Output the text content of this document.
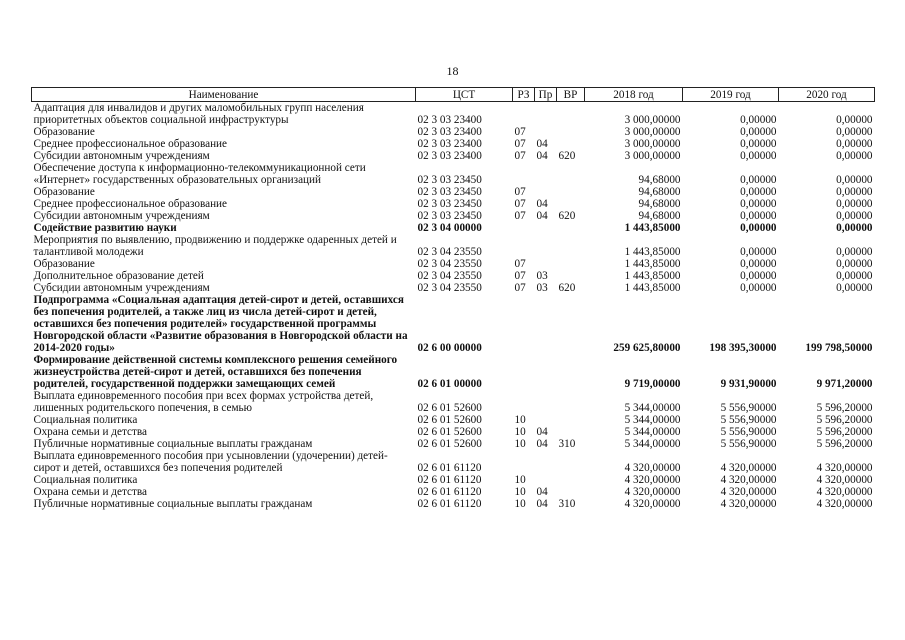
18
Наименование	ЦСТ	РЗ	Пр	ВР	2018 год	2019 год	2020 год
Адаптация для инвалидов и других маломобильных групп населения приоритетных объектов социальной инфраструктуры	02 3 03 23400				3 000,00000	0,00000	0,00000
Образование	02 3 03 23400	07			3 000,00000	0,00000	0,00000
Среднее профессиональное образование	02 3 03 23400	07	04		3 000,00000	0,00000	0,00000
Субсидии автономным учреждениям	02 3 03 23400	07	04	620	3 000,00000	0,00000	0,00000
Обеспечение доступа к информационно-телекоммуникационной сети «Интернет» государственных образовательных организаций	02 3 03 23450				94,68000	0,00000	0,00000
Образование	02 3 03 23450	07			94,68000	0,00000	0,00000
Среднее профессиональное образование	02 3 03 23450	07	04		94,68000	0,00000	0,00000
Субсидии автономным учреждениям	02 3 03 23450	07	04	620	94,68000	0,00000	0,00000
Содействие развитию науки	02 3 04 00000				1 443,85000	0,00000	0,00000
Мероприятия по выявлению, продвижению и поддержке одаренных детей и талантливой молодежи	02 3 04 23550				1 443,85000	0,00000	0,00000
Образование	02 3 04 23550	07			1 443,85000	0,00000	0,00000
Дополнительное образование детей	02 3 04 23550	07	03		1 443,85000	0,00000	0,00000
Субсидии автономным учреждениям	02 3 04 23550	07	03	620	1 443,85000	0,00000	0,00000
Подпрограмма «Социальная адаптация детей-сирот и детей, оставшихся без попечения родителей, а также лиц из числа детей-сирот и детей, оставшихся без попечения родителей» государственной программы Новгородской области «Развитие образования в Новгородской области на 2014-2020 годы»	02 6 00 00000				259 625,80000	198 395,30000	199 798,50000
Формирование действенной системы комплексного решения семейного жизнеустройства детей-сирот и детей, оставшихся без попечения родителей, государственной поддержки замещающих семей	02 6 01 00000				9 719,00000	9 931,90000	9 971,20000
Выплата единовременного пособия при всех формах устройства детей, лишенных родительского попечения, в семью	02 6 01 52600				5 344,00000	5 556,90000	5 596,20000
Социальная политика	02 6 01 52600	10			5 344,00000	5 556,90000	5 596,20000
Охрана семьи и детства	02 6 01 52600	10	04		5 344,00000	5 556,90000	5 596,20000
Публичные нормативные социальные выплаты гражданам	02 6 01 52600	10	04	310	5 344,00000	5 556,90000	5 596,20000
Выплата единовременного пособия при усыновлении (удочерении) детей-сирот и детей, оставшихся без попечения родителей	02 6 01 61120				4 320,00000	4 320,00000	4 320,00000
Социальная политика	02 6 01 61120	10			4 320,00000	4 320,00000	4 320,00000
Охрана семьи и детства	02 6 01 61120	10	04		4 320,00000	4 320,00000	4 320,00000
Публичные нормативные социальные выплаты гражданам	02 6 01 61120	10	04	310	4 320,00000	4 320,00000	4 320,00000
